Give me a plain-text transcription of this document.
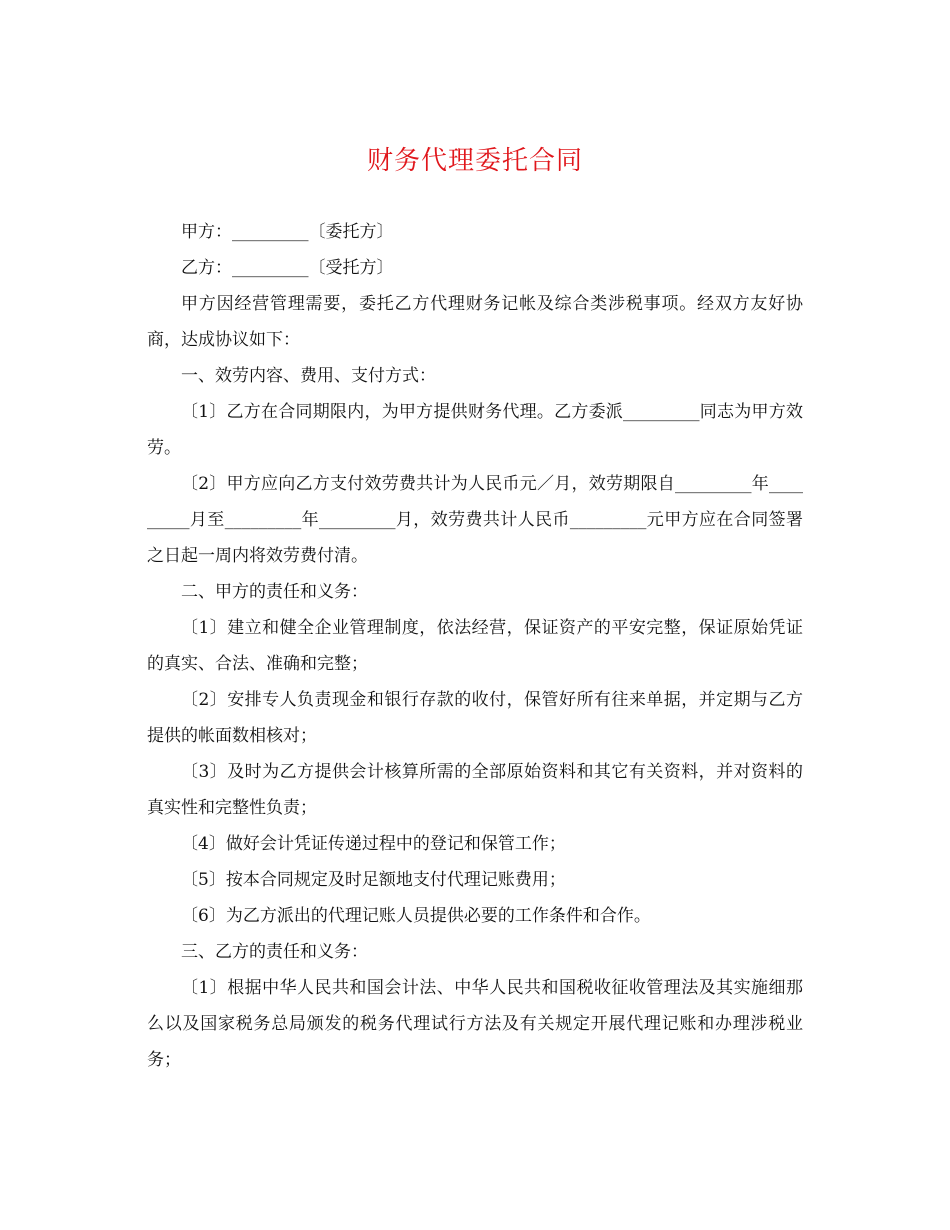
财务代理委托合同

甲方：_________〔委托方〕

乙方：_________〔受托方〕

甲方因经营管理需要，委托乙方代理财务记帐及综合类涉税事项。经双方友好协商，达成协议如下：

一、效劳内容、费用、支付方式：

〔1〕乙方在合同期限内，为甲方提供财务代理。乙方委派_________同志为甲方效劳。

〔2〕甲方应向乙方支付效劳费共计为人民币元／月，效劳期限自_________年_________月至_________年_________月，效劳费共计人民币_________元甲方应在合同签署之日起一周内将效劳费付清。

二、甲方的责任和义务：

〔1〕建立和健全企业管理制度，依法经营，保证资产的平安完整，保证原始凭证的真实、合法、准确和完整；

〔2〕安排专人负责现金和银行存款的收付，保管好所有往来单据，并定期与乙方提供的帐面数相核对；

〔3〕及时为乙方提供会计核算所需的全部原始资料和其它有关资料，并对资料的真实性和完整性负责；

〔4〕做好会计凭证传递过程中的登记和保管工作；

〔5〕按本合同规定及时足额地支付代理记账费用；

〔6〕为乙方派出的代理记账人员提供必要的工作条件和合作。

三、乙方的责任和义务：

〔1〕根据中华人民共和国会计法、中华人民共和国税收征收管理法及其实施细那么以及国家税务总局颁发的税务代理试行方法及有关规定开展代理记账和办理涉税业务；
